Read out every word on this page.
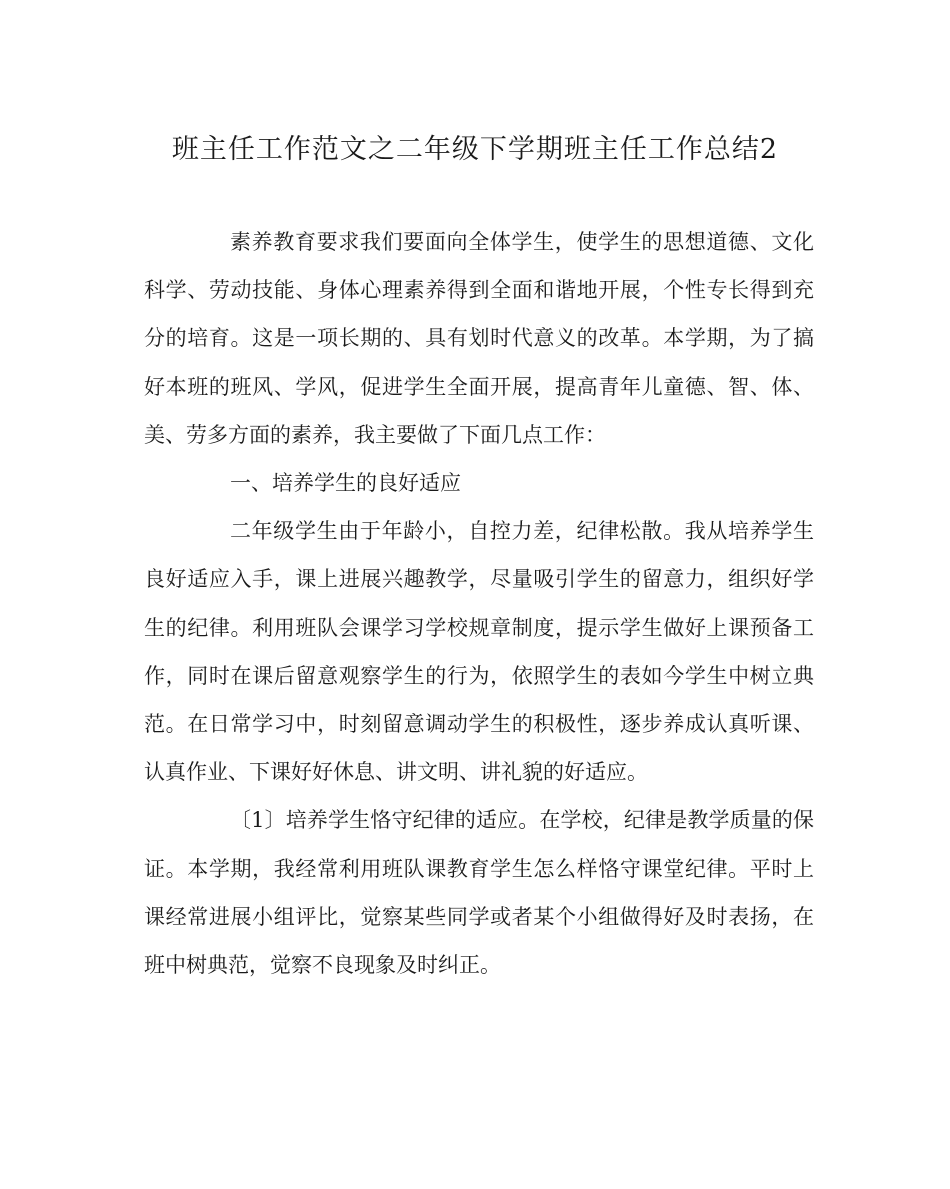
班主任工作范文之二年级下学期班主任工作总结2

素养教育要求我们要面向全体学生，使学生的思想道德、文化科学、劳动技能、身体心理素养得到全面和谐地开展，个性专长得到充分的培育。这是一项长期的、具有划时代意义的改革。本学期，为了搞好本班的班风、学风，促进学生全面开展，提高青年儿童德、智、体、美、劳多方面的素养，我主要做了下面几点工作：

一、培养学生的良好适应

二年级学生由于年龄小，自控力差，纪律松散。我从培养学生良好适应入手，课上进展兴趣教学，尽量吸引学生的留意力，组织好学生的纪律。利用班队会课学习学校规章制度，提示学生做好上课预备工作，同时在课后留意观察学生的行为，依照学生的表如今学生中树立典范。在日常学习中，时刻留意调动学生的积极性，逐步养成认真听课、认真作业、下课好好休息、讲文明、讲礼貌的好适应。

〔1〕培养学生恪守纪律的适应。在学校，纪律是教学质量的保证。本学期，我经常利用班队课教育学生怎么样恪守课堂纪律。平时上课经常进展小组评比，觉察某些同学或者某个小组做得好及时表扬，在班中树典范，觉察不良现象及时纠正。
